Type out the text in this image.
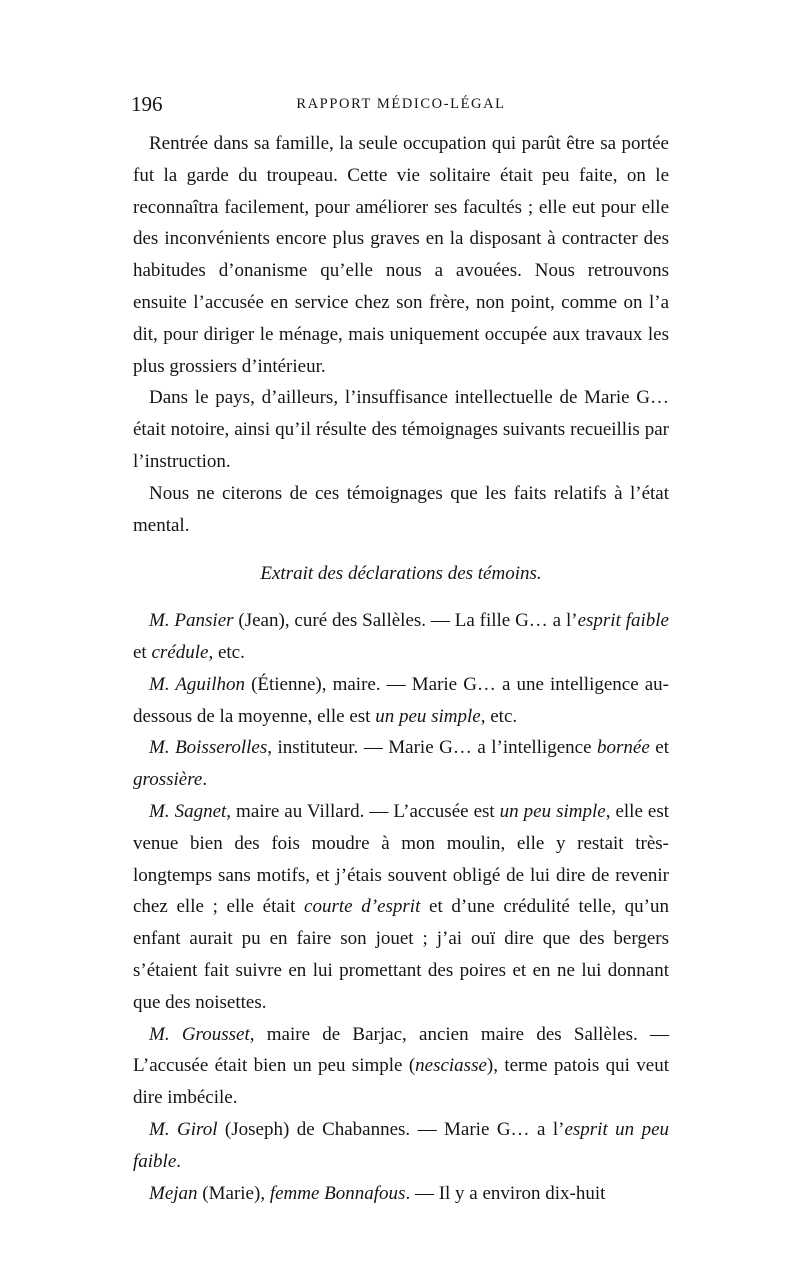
196	RAPPORT MÉDICO-LÉGAL

Rentrée dans sa famille, la seule occupation qui parût être sa portée fut la garde du troupeau. Cette vie solitaire était peu faite, on le reconnaîtra facilement, pour améliorer ses facultés ; elle eut pour elle des inconvénients encore plus graves en la disposant à contracter des habitudes d’onanisme qu’elle nous a avouées. Nous retrouvons ensuite l’accusée en service chez son frère, non point, comme on l’a dit, pour diriger le ménage, mais uniquement occupée aux travaux les plus grossiers d’intérieur.

Dans le pays, d’ailleurs, l’insuffisance intellectuelle de Marie G… était notoire, ainsi qu’il résulte des témoignages suivants recueillis par l’instruction.

Nous ne citerons de ces témoignages que les faits relatifs à l’état mental.

Extrait des déclarations des témoins.

M. Pansier (Jean), curé des Sallèles. — La fille G… a l’esprit faible et crédule, etc.

M. Aguilhon (Étienne), maire. — Marie G… a une intelligence au-dessous de la moyenne, elle est un peu simple, etc.

M. Boisserolles, instituteur. — Marie G… a l’intelligence bornée et grossière.

M. Sagnet, maire au Villard. — L’accusée est un peu simple, elle est venue bien des fois moudre à mon moulin, elle y restait très-longtemps sans motifs, et j’étais souvent obligé de lui dire de revenir chez elle ; elle était courte d’esprit et d’une crédulité telle, qu’un enfant aurait pu en faire son jouet ; j’ai ouï dire que des bergers s’étaient fait suivre en lui promettant des poires et en ne lui donnant que des noisettes.

M. Grousset, maire de Barjac, ancien maire des Sallèles. — L’accusée était bien un peu simple (nesciasse), terme patois qui veut dire imbécile.

M. Girol (Joseph) de Chabannes. — Marie G… a l’esprit un peu faible.

Mejan (Marie), femme Bonnafous. — Il y a environ dix-huit
